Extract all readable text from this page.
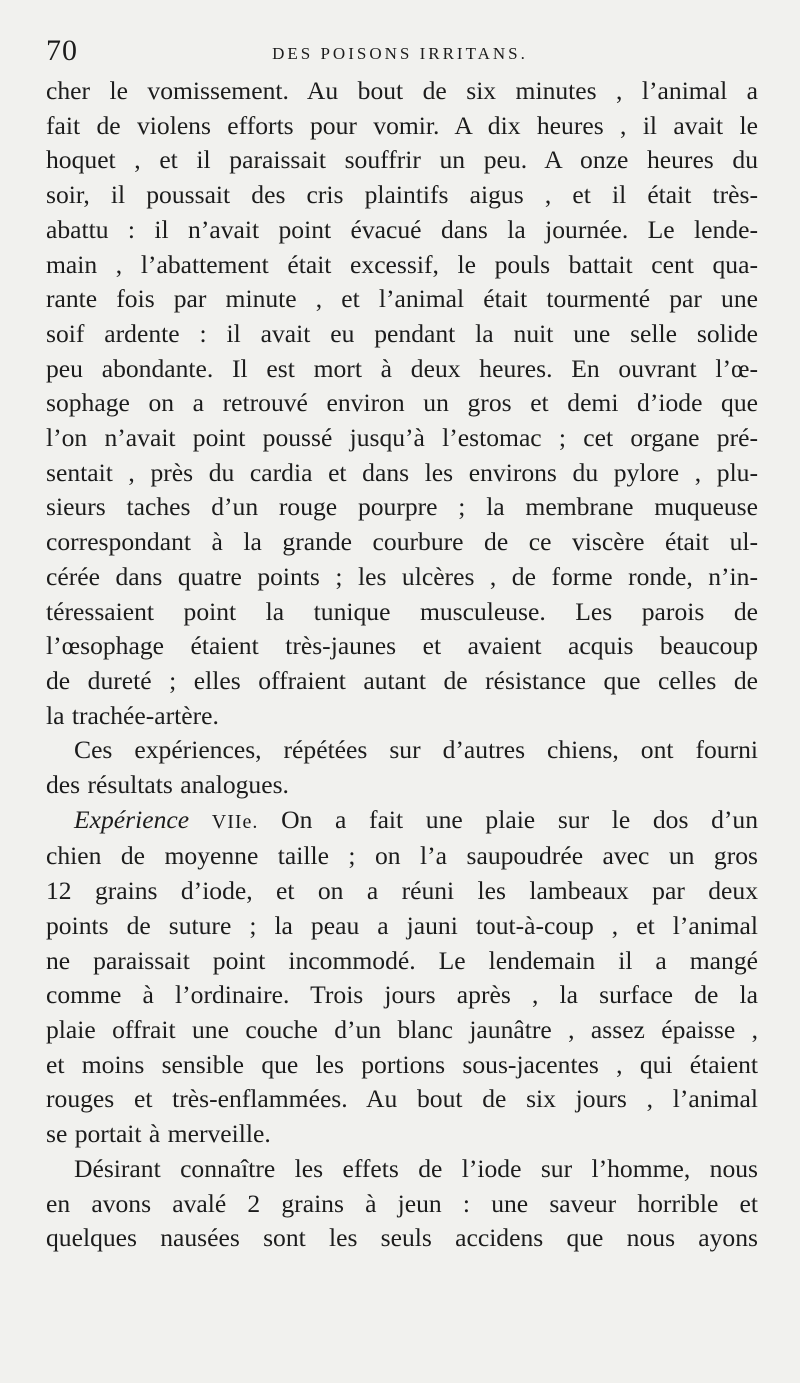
70	DES POISONS IRRITANS.
cher le vomissement. Au bout de six minutes , l’animal a
fait de violens efforts pour vomir. A dix heures , il avait le
hoquet , et il paraissait souffrir un peu. A onze heures du
soir, il poussait des cris plaintifs aigus , et il était très-
abattu : il n’avait point évacué dans la journée. Le lende-
main , l’abattement était excessif, le pouls battait cent qua-
rante fois par minute , et l’animal était tourmenté par une
soif ardente : il avait eu pendant la nuit une selle solide
peu abondante. Il est mort à deux heures. En ouvrant l’œ-
sophage on a retrouvé environ un gros et demi d’iode que
l’on n’avait point poussé jusqu’à l’estomac ; cet organe pré-
sentait , près du cardia et dans les environs du pylore , plu-
sieurs taches d’un rouge pourpre ; la membrane muqueuse
correspondant à la grande courbure de ce viscère était ul-
cérée dans quatre points ; les ulcères , de forme ronde, n’in-
téressaient point la tunique musculeuse. Les parois de
l’œsophage étaient très-jaunes et avaient acquis beaucoup
de dureté ; elles offraient autant de résistance que celles de
la trachée-artère.
Ces expériences, répétées sur d’autres chiens, ont fourni
des résultats analogues.
Expérience VIIe. On a fait une plaie sur le dos d’un
chien de moyenne taille ; on l’a saupoudrée avec un gros
12 grains d’iode, et on a réuni les lambeaux par deux
points de suture ; la peau a jauni tout-à-coup , et l’animal
ne paraissait point incommodé. Le lendemain il a mangé
comme à l’ordinaire. Trois jours après , la surface de la
plaie offrait une couche d’un blanc jaunâtre , assez épaisse ,
et moins sensible que les portions sous-jacentes , qui étaient
rouges et très-enflammées. Au bout de six jours , l’animal
se portait à merveille.
Désirant connaître les effets de l’iode sur l’homme, nous
en avons avalé 2 grains à jeun : une saveur horrible et
quelques nausées sont les seuls accidens que nous ayons
